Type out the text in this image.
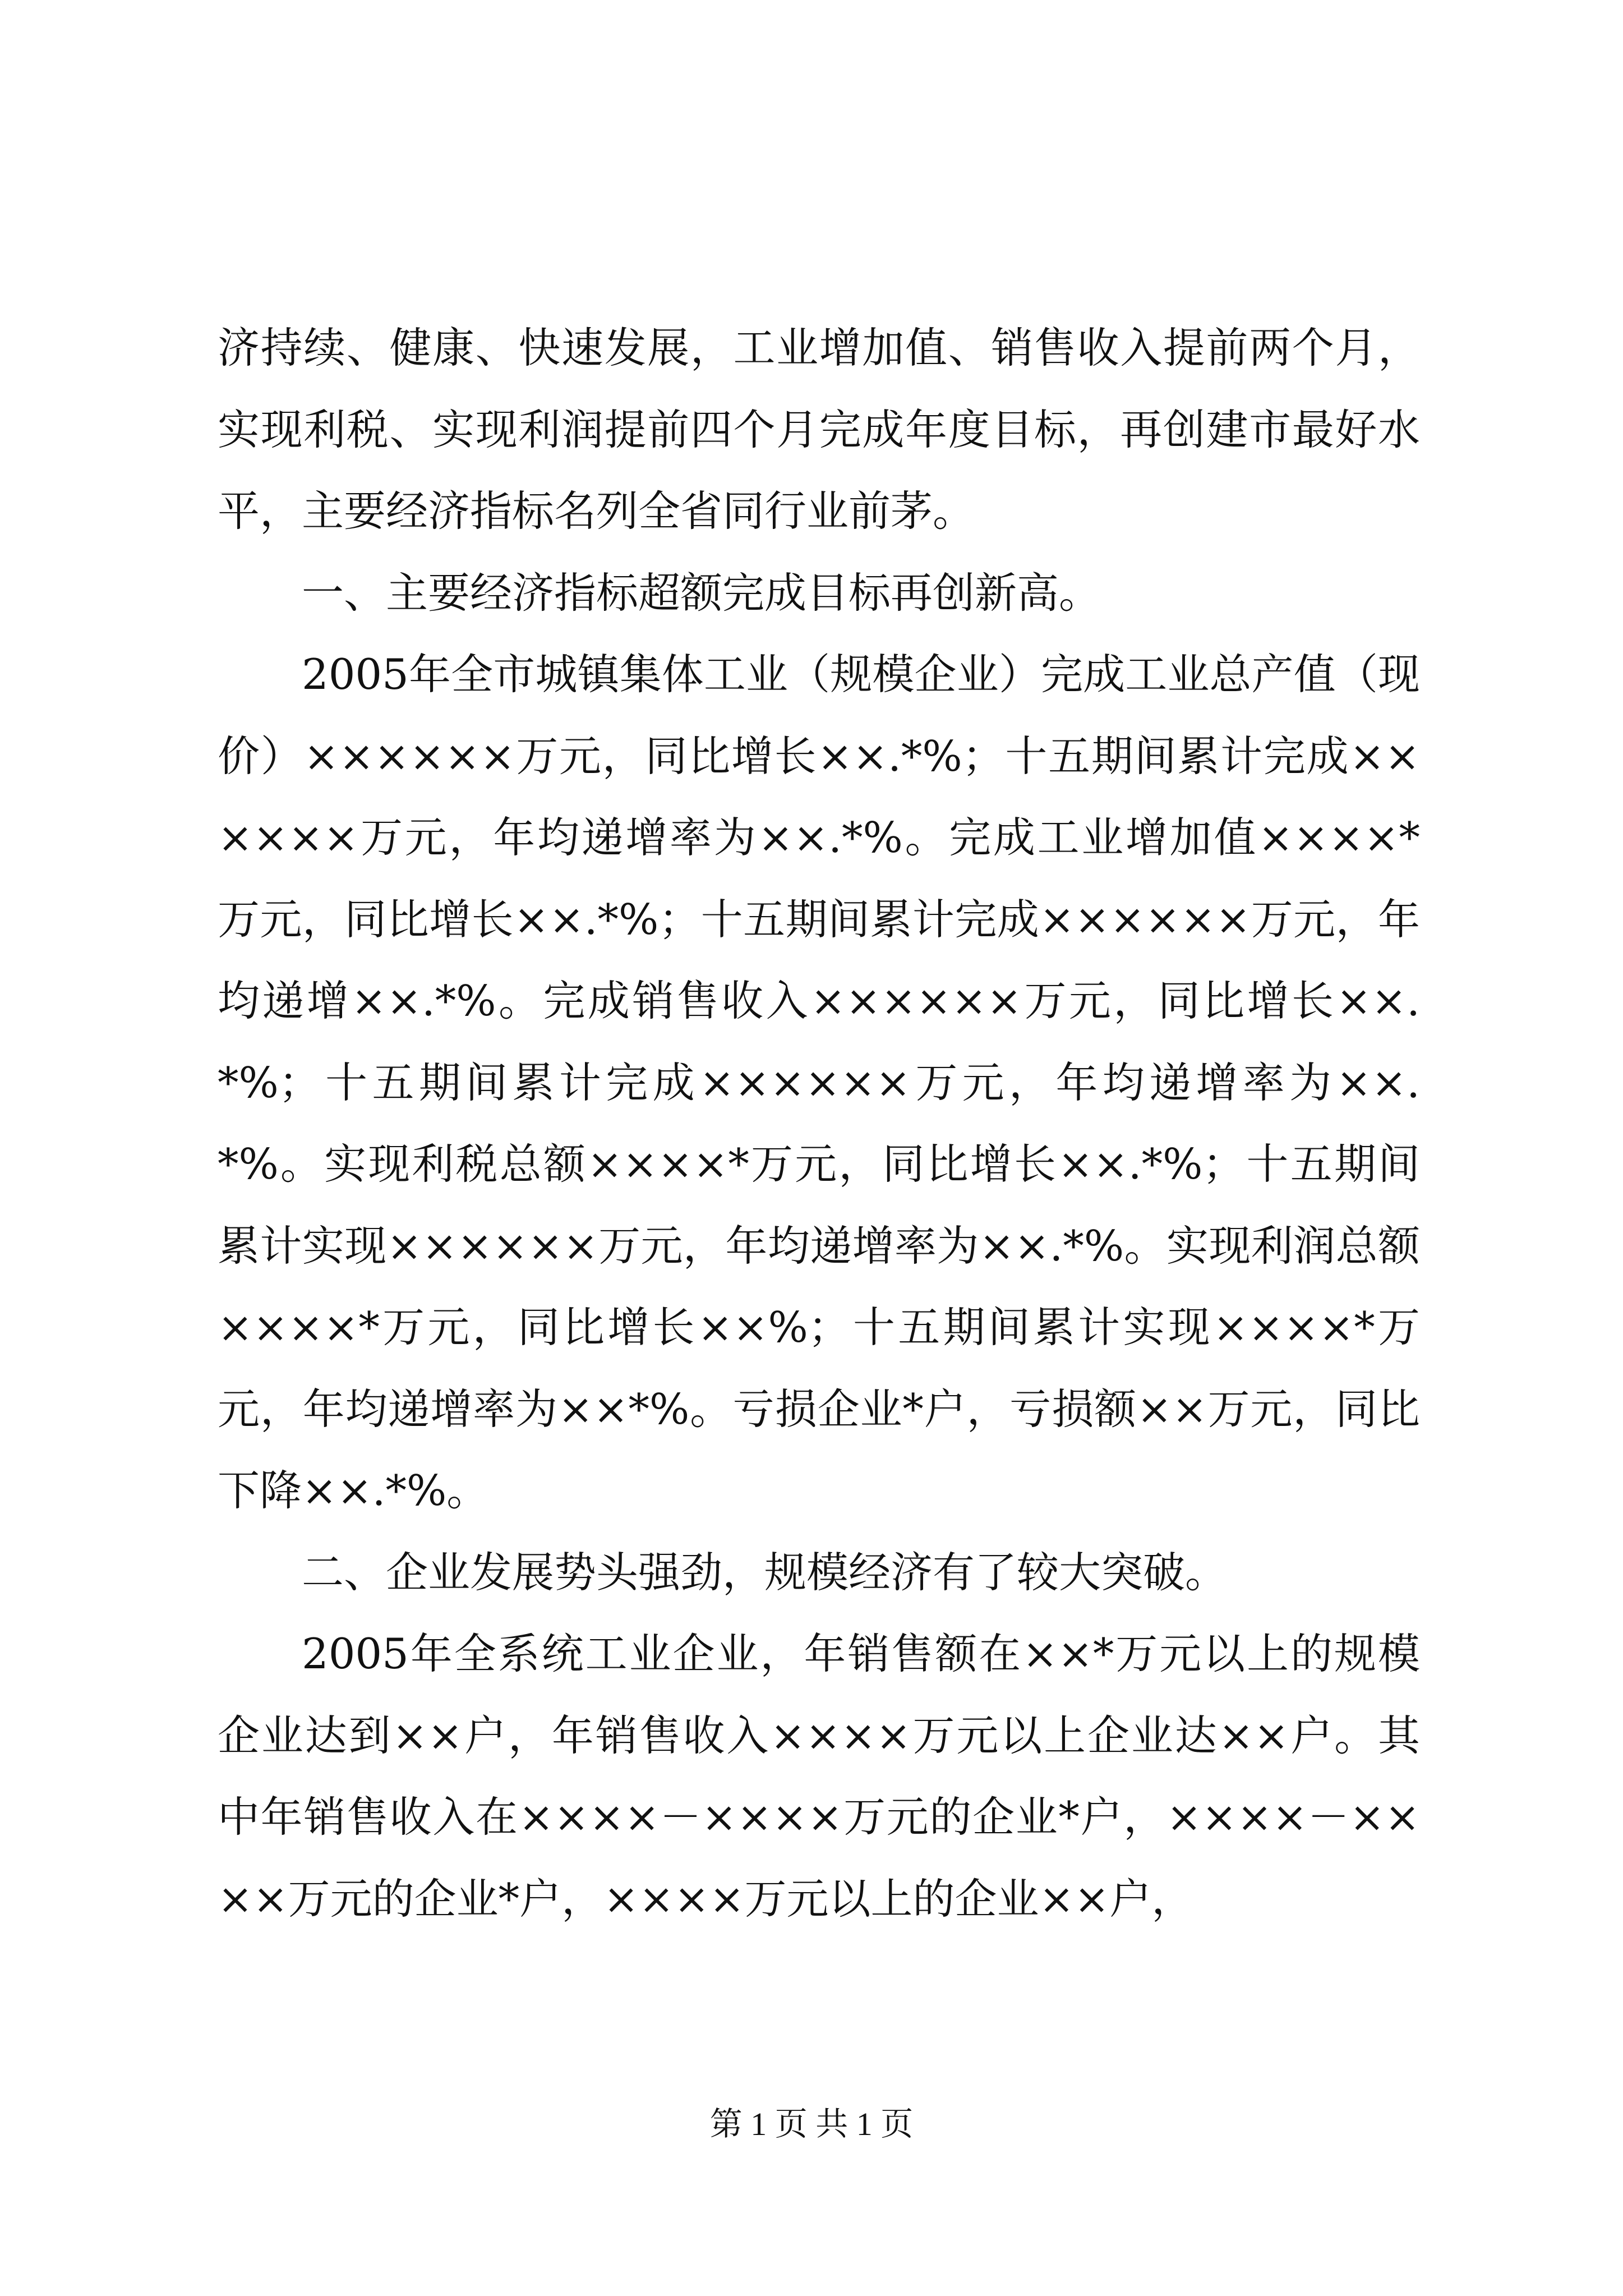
济持续、健康、快速发展，工业增加值、销售收入提前两个月，实现利税、实现利润提前四个月完成年度目标，再创建市最好水平，主要经济指标名列全省同行业前茅。

一、主要经济指标超额完成目标再创新高。

2005年全市城镇集体工业（规模企业）完成工业总产值（现价）××××××万元，同比增长××.*%；十五期间累计完成××××××万元，年均递增率为××.*%。完成工业增加值××××*万元，同比增长××.*%；十五期间累计完成××××××万元，年均递增××.*%。完成销售收入××××××万元，同比增长××.*%；十五期间累计完成××××××万元，年均递增率为××.*%。实现利税总额××××*万元，同比增长××.*%；十五期间累计实现××××××万元，年均递增率为××.*%。实现利润总额××××*万元，同比增长××%；十五期间累计实现××××*万元，年均递增率为××*%。亏损企业*户，亏损额××万元，同比下降××.*%。

二、企业发展势头强劲，规模经济有了较大突破。

2005年全系统工业企业，年销售额在××*万元以上的规模企业达到××户，年销售收入××××万元以上企业达××户。其中年销售收入在××××－××××万元的企业*户，××××－××××万元的企业*户，××××万元以上的企业××户，

第 1 页 共 1 页
